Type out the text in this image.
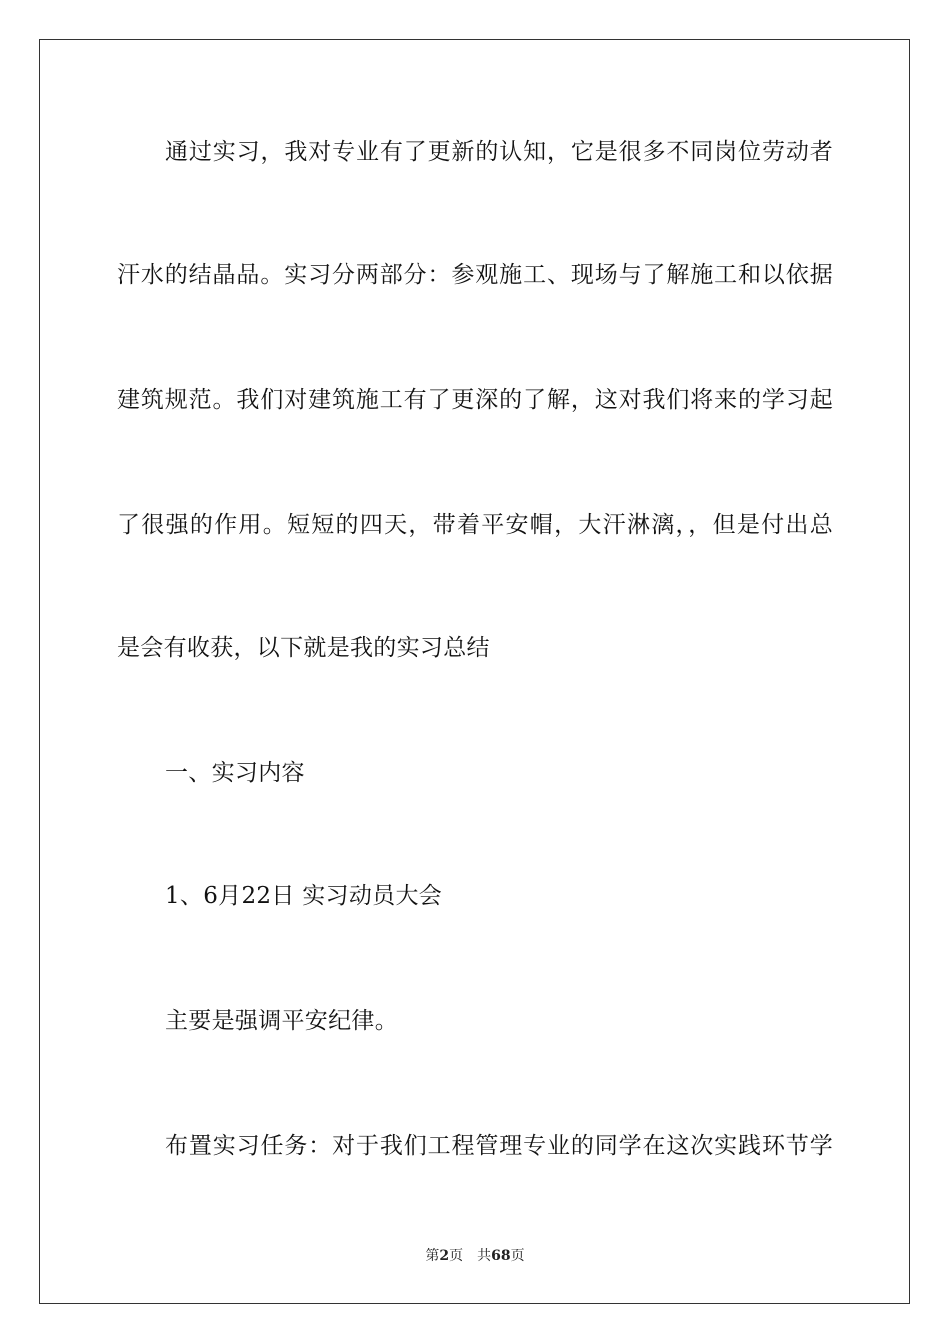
通过实习，我对专业有了更新的认知，它是很多不同岗位劳动者
汗水的结晶品。实习分两部分：参观施工、现场与了解施工和以依据
建筑规范。我们对建筑施工有了更深的了解，这对我们将来的学习起
了很强的作用。短短的四天，带着平安帽，大汗淋漓，，但是付出总
是会有收获，以下就是我的实习总结
一、实习内容
1、6月22日 实习动员大会
主要是强调平安纪律。
布置实习任务：对于我们工程管理专业的同学在这次实践环节学
第2页 共68页
